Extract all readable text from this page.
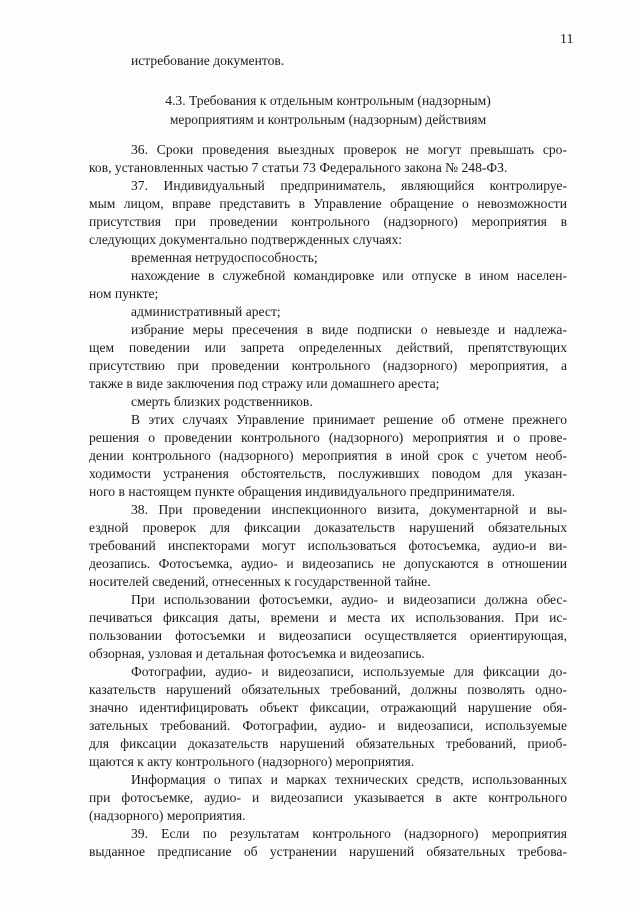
11
истребование документов.
4.3. Требования к отдельным контрольным (надзорным)
мероприятиям и контрольным (надзорным) действиям
36. Сроки проведения выездных проверок не могут превышать сро-
ков, установленных частью 7 статьи 73 Федерального закона № 248-ФЗ.
37. Индивидуальный предприниматель, являющийся контролируе-
мым лицом, вправе представить в Управление обращение о невозможности
присутствия при проведении контрольного (надзорного) мероприятия в
следующих документально подтвержденных случаях:
временная нетрудоспособность;
нахождение в служебной командировке или отпуске в ином населен-
ном пункте;
административный арест;
избрание меры пресечения в виде подписки о невыезде и надлежа-
щем поведении или запрета определенных действий, препятствующих
присутствию при проведении контрольного (надзорного) мероприятия, а
также в виде заключения под стражу или домашнего ареста;
смерть близких родственников.
В этих случаях Управление принимает решение об отмене прежнего
решения о проведении контрольного (надзорного) мероприятия и о прове-
дении контрольного (надзорного) мероприятия в иной срок с учетом необ-
ходимости устранения обстоятельств, послуживших поводом для указан-
ного в настоящем пункте обращения индивидуального предпринимателя.
38. При проведении инспекционного визита, документарной и вы-
ездной проверок для фиксации доказательств нарушений обязательных
требований инспекторами могут использоваться фотосъемка, аудио-и ви-
деозапись. Фотосъемка, аудио- и видеозапись не допускаются в отношении
носителей сведений, отнесенных к государственной тайне.
При использовании фотосъемки, аудио- и видеозаписи должна обес-
печиваться фиксация даты, времени и места их использования. При ис-
пользовании фотосъемки и видеозаписи осуществляется ориентирующая,
обзорная, узловая и детальная фотосъемка и видеозапись.
Фотографии, аудио- и видеозаписи, используемые для фиксации до-
казательств нарушений обязательных требований, должны позволять одно-
значно идентифицировать объект фиксации, отражающий нарушение обя-
зательных требований. Фотографии, аудио- и видеозаписи, используемые
для фиксации доказательств нарушений обязательных требований, приоб-
щаются к акту контрольного (надзорного) мероприятия.
Информация о типах и марках технических средств, использованных
при фотосъемке, аудио- и видеозаписи указывается в акте контрольного
(надзорного) мероприятия.
39. Если по результатам контрольного (надзорного) мероприятия
выданное предписание об устранении нарушений обязательных требова-
